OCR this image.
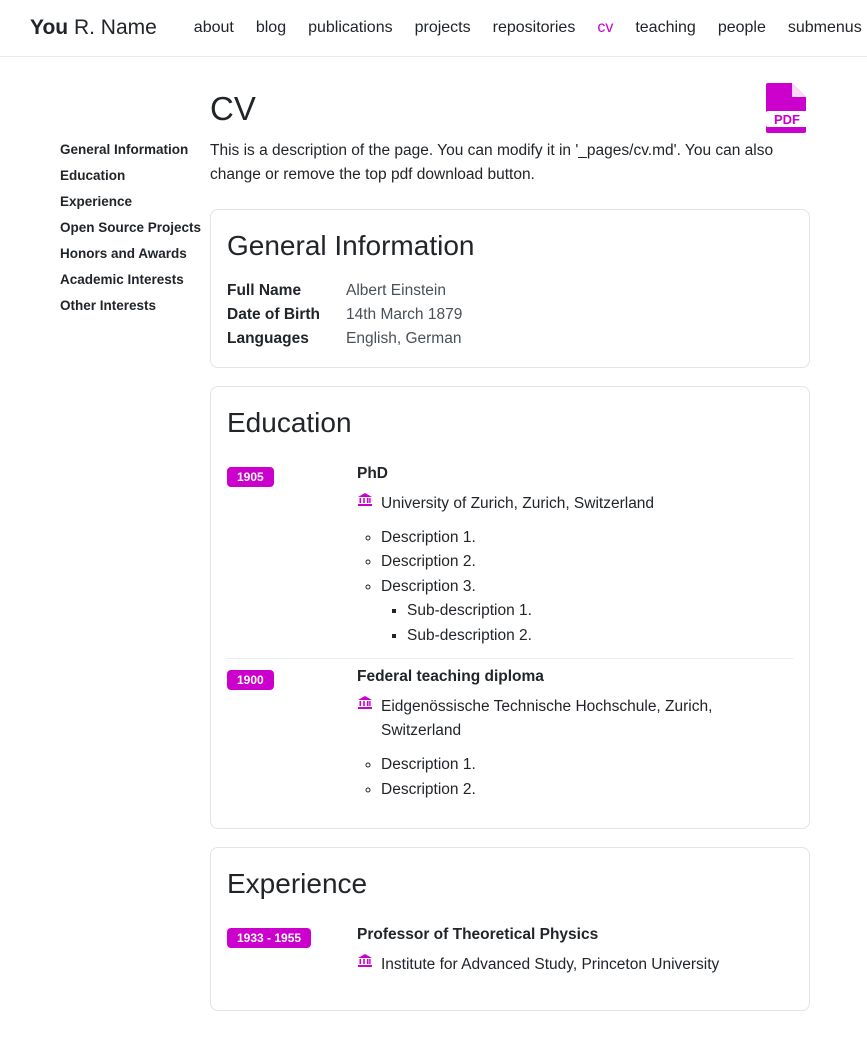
You R. Name	about	blog	publications	projects	repositories	cv	teaching	people	submenus
General Information
Education
Experience
Open Source Projects
Honors and Awards
Academic Interests
Other Interests
CV	PDF

This is a description of the page. You can modify it in '_pages/cv.md'. You can also change or remove the top pdf download button.

General Information
Full Name	Albert Einstein
Date of Birth	14th March 1879
Languages	English, German
Education
1905	PhD

University of Zurich, Zurich, Switzerland

◦ Description 1.
◦ Description 2.
◦ Description 3.
▪ Sub-description 1.
▪ Sub-description 2.
1900	Federal teaching diploma

Eidgenössische Technische Hochschule, Zurich, Switzerland

◦ Description 1.
◦ Description 2.
Experience
1933 - 1955	Professor of Theoretical Physics

Institute for Advanced Study, Princeton University
